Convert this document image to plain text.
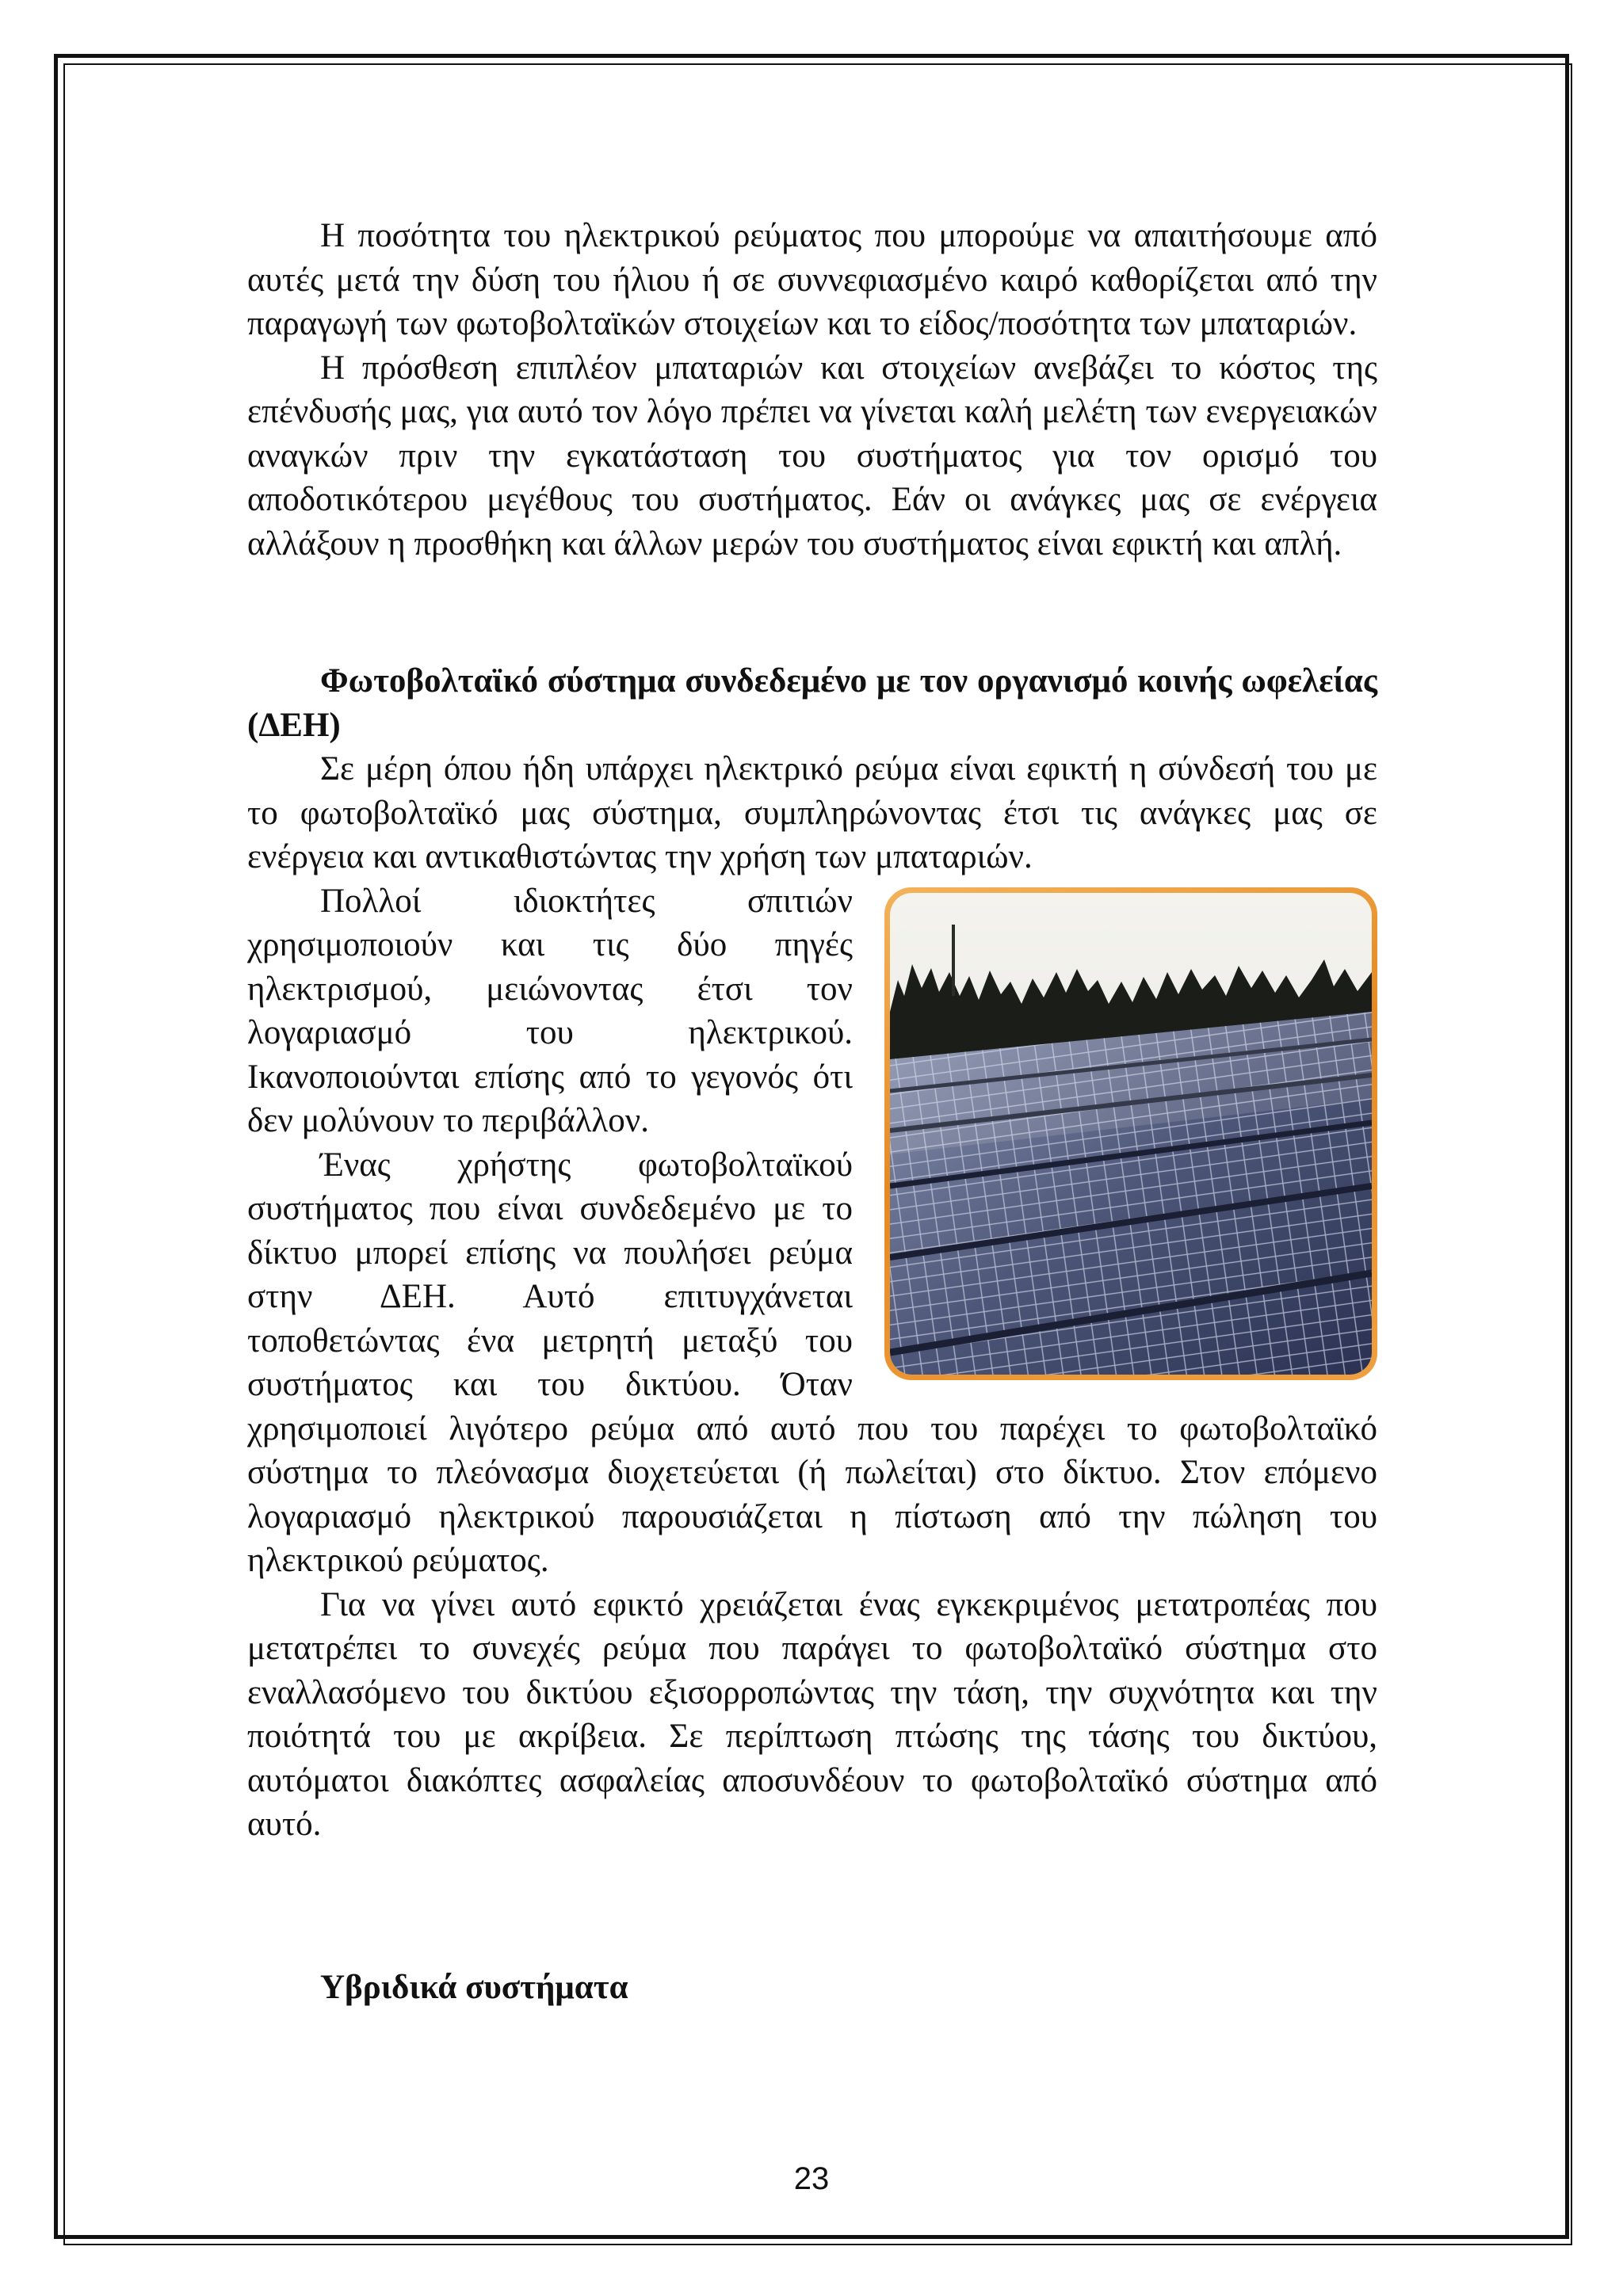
Η ποσότητα του ηλεκτρικού ρεύματος που μπορούμε να απαιτήσουμε από αυτές μετά την δύση του ήλιου ή σε συννεφιασμένο καιρό καθορίζεται από την παραγωγή των φωτοβολταϊκών στοιχείων και το είδος/ποσότητα των μπαταριών.

Η πρόσθεση επιπλέον μπαταριών και στοιχείων ανεβάζει το κόστος της επένδυσής μας, για αυτό τον λόγο πρέπει να γίνεται καλή μελέτη των ενεργειακών αναγκών πριν την εγκατάσταση του συστήματος για τον ορισμό του αποδοτικότερου μεγέθους του συστήματος. Εάν οι ανάγκες μας σε ενέργεια αλλάξουν η προσθήκη και άλλων μερών του συστήματος είναι εφικτή και απλή.

Φωτοβολταϊκό σύστημα συνδεδεμένο με τον οργανισμό κοινής ωφελείας (ΔΕΗ)

Σε μέρη όπου ήδη υπάρχει ηλεκτρικό ρεύμα είναι εφικτή η σύνδεσή του με το φωτοβολταϊκό μας σύστημα, συμπληρώνοντας έτσι τις ανάγκες μας σε ενέργεια και αντικαθιστώντας την χρήση των μπαταριών.

Πολλοί ιδιοκτήτες σπιτιών χρησιμοποιούν και τις δύο πηγές ηλεκτρισμού, μειώνοντας έτσι τον λογαριασμό του ηλεκτρικού. Ικανοποιούνται επίσης από το γεγονός ότι δεν μολύνουν το περιβάλλον.

Ένας χρήστης φωτοβολταϊκού συστήματος που είναι συνδεδεμένο με το δίκτυο μπορεί επίσης να πουλήσει ρεύμα στην ΔΕΗ. Αυτό επιτυγχάνεται τοποθετώντας ένα μετρητή μεταξύ του συστήματος και του δικτύου. Όταν χρησιμοποιεί λιγότερο ρεύμα από αυτό που του παρέχει το φωτοβολταϊκό σύστημα το πλεόνασμα διοχετεύεται (ή πωλείται) στο δίκτυο. Στον επόμενο λογαριασμό ηλεκτρικού παρουσιάζεται η πίστωση από την πώληση του ηλεκτρικού ρεύματος.

Για να γίνει αυτό εφικτό χρειάζεται ένας εγκεκριμένος μετατροπέας που μετατρέπει το συνεχές ρεύμα που παράγει το φωτοβολταϊκό σύστημα στο εναλλασόμενο του δικτύου εξισορροπώντας την τάση, την συχνότητα και την ποιότητά του με ακρίβεια. Σε περίπτωση πτώσης της τάσης του δικτύου, αυτόματοι διακόπτες ασφαλείας αποσυνδέουν το φωτοβολταϊκό σύστημα από αυτό.

Υβριδικά συστήματα
23
